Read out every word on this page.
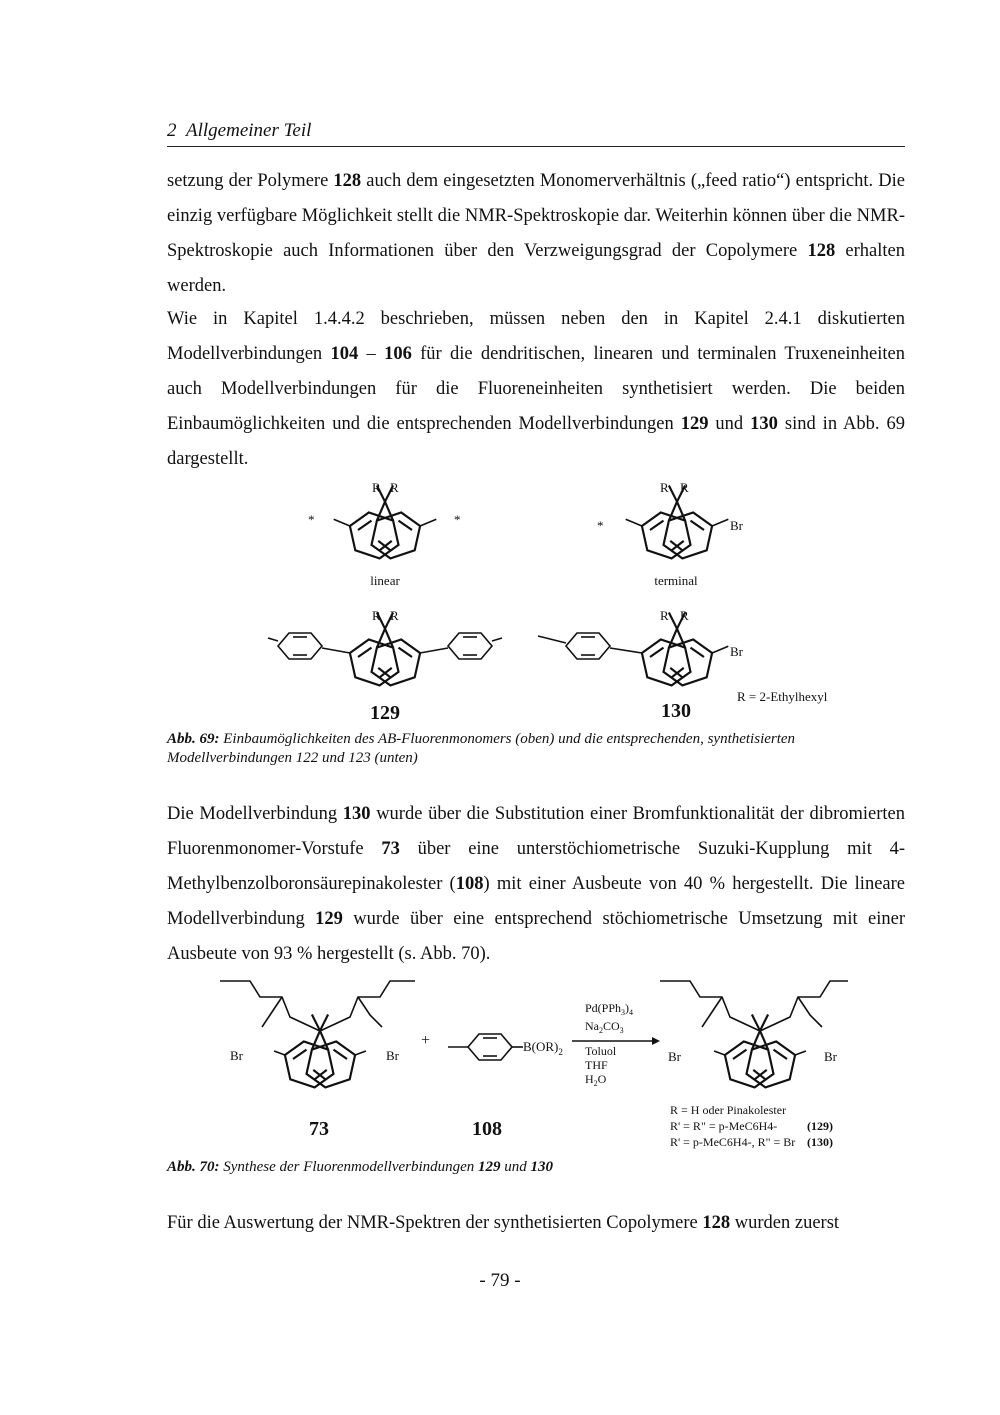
2 Allgemeiner Teil

setzung der Polymere 128 auch dem eingesetzten Monomerverhältnis („feed ratio“) entspricht. Die einzig verfügbare Möglichkeit stellt die NMR-Spektroskopie dar. Weiterhin können über die NMR-Spektroskopie auch Informationen über den Verzweigungsgrad der Copolymere 128 erhalten werden.

Wie in Kapitel 1.4.4.2 beschrieben, müssen neben den in Kapitel 2.4.1 diskutierten Modellverbindungen 104 – 106 für die dendritischen, linearen und terminalen Truxeneinheiten auch Modellverbindungen für die Fluoreneinheiten synthetisiert werden. Die beiden Einbaumöglichkeiten und die entsprechenden Modellverbindungen 129 und 130 sind in Abb. 69 dargestellt.

R R
*	*
linear
R R
*	Br
terminal
R R	R R
Br
129	130
R = 2-Ethylhexyl

Abb. 69: Einbaumöglichkeiten des AB-Fluorenmonomers (oben) und die entsprechenden, synthetisierten Modellverbindungen 122 und 123 (unten)

Die Modellverbindung 130 wurde über die Substitution einer Bromfunktionalität der dibromierten Fluorenmonomer-Vorstufe 73 über eine unterstöchiometrische Suzuki-Kupplung mit 4-Methylbenzolboronsäurepinakolester (108) mit einer Ausbeute von 40 % hergestellt. Die lineare Modellverbindung 129 wurde über eine entsprechend stöchiometrische Umsetzung mit einer Ausbeute von 93 % hergestellt (s. Abb. 70).

Br	Br
+	$B(OR)_2$
$Pd(PPh_3)_4$
$Na_2CO_3$
Toluol
THF
$H_2O$
Br	Br
73	108
R = H oder Pinakolester
R' = R" = p-MeC6H4- (129)
R' = p-MeC6H4-, R" = Br (130)

Abb. 70: Synthese der Fluorenmodellverbindungen 129 und 130

Für die Auswertung der NMR-Spektren der synthetisierten Copolymere 128 wurden zuerst

- 79 -
